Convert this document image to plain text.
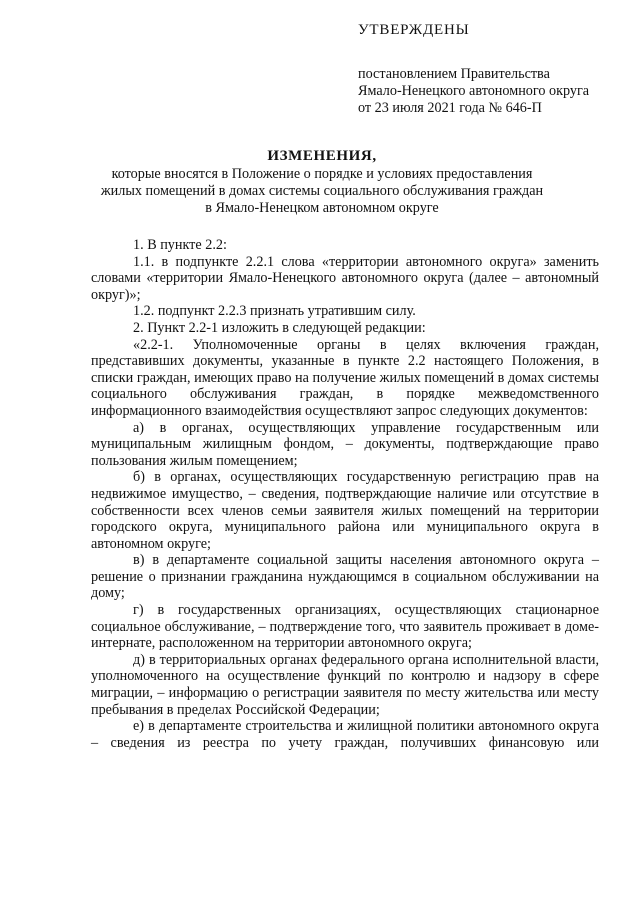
УТВЕРЖДЕНЫ
постановлением Правительства
Ямало-Ненецкого автономного округа
от 23 июля 2021 года № 646-П
ИЗМЕНЕНИЯ,
которые вносятся в Положение о порядке и условиях предоставления
жилых помещений в домах системы социального обслуживания граждан
в Ямало-Ненецком автономном округе

1. В пункте 2.2:

1.1. в подпункте 2.2.1 слова «территории автономного округа» заменить словами «территории Ямало-Ненецкого автономного округа (далее – автономный округ)»;

1.2. подпункт 2.2.3 признать утратившим силу.

2. Пункт 2.2-1 изложить в следующей редакции:

«2.2-1. Уполномоченные органы в целях включения граждан, представивших документы, указанные в пункте 2.2 настоящего Положения, в списки граждан, имеющих право на получение жилых помещений в домах системы социального обслуживания граждан, в порядке межведомственного информационного взаимодействия осуществляют запрос следующих документов:

а) в органах, осуществляющих управление государственным или муниципальным жилищным фондом, – документы, подтверждающие право пользования жилым помещением;

б) в органах, осуществляющих государственную регистрацию прав на недвижимое имущество, – сведения, подтверждающие наличие или отсутствие в собственности всех членов семьи заявителя жилых помещений на территории городского округа, муниципального района или муниципального округа в автономном округе;

в) в департаменте социальной защиты населения автономного округа – решение о признании гражданина нуждающимся в социальном обслуживании на дому;

г) в государственных организациях, осуществляющих стационарное социальное обслуживание, – подтверждение того, что заявитель проживает в доме-интернате, расположенном на территории автономного округа;

д) в территориальных органах федерального органа исполнительной власти, уполномоченного на осуществление функций по контролю и надзору в сфере миграции, – информацию о регистрации заявителя по месту жительства или месту пребывания в пределах Российской Федерации;

е) в департаменте строительства и жилищной политики автономного округа – сведения из реестра по учету граждан, получивших финансовую или
